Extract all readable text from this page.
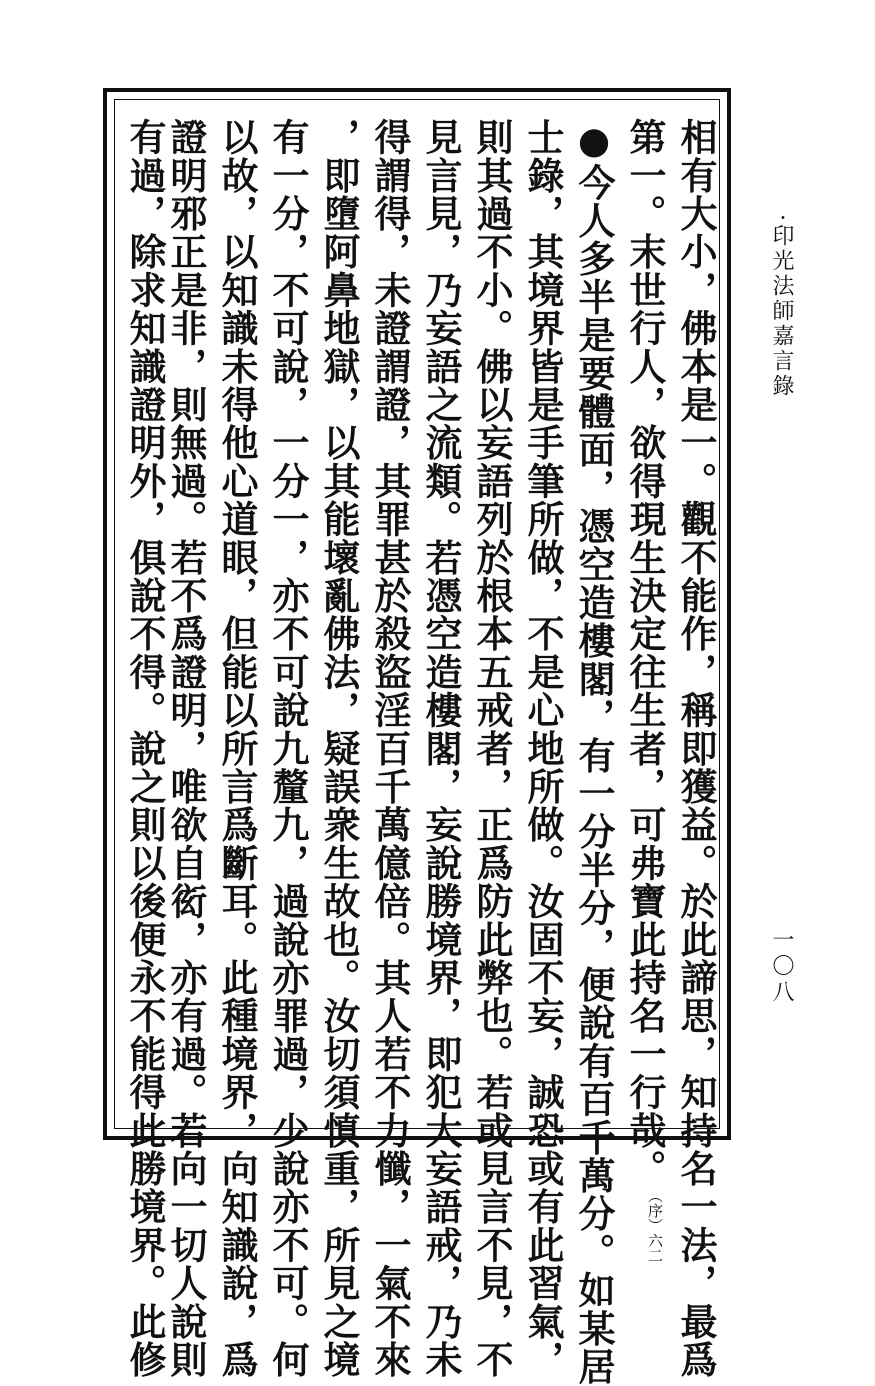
·印光法師嘉言錄
一〇八
相有大小，佛本是一。觀不能作，稱即獲益。於此諦思，知持名一法，最爲
第一。末世行人，欲得現生決定往生者，可弗寶此持名一行哉。（序）六二
●今人多半是要體面，憑空造樓閣，有一分半分，便說有百千萬分。如某居
士錄，其境界皆是手筆所做，不是心地所做。汝固不妄，誠恐或有此習氣，
則其過不小。佛以妄語列於根本五戒者，正爲防此弊也。若或見言不見，不
見言見，乃妄語之流類。若憑空造樓閣，妄說勝境界，即犯大妄語戒，乃未
得謂得，未證謂證，其罪甚於殺盜淫百千萬億倍。其人若不力懺，一氣不來
，即墮阿鼻地獄，以其能壞亂佛法，疑誤衆生故也。汝切須慎重，所見之境
有一分，不可說，一分一，亦不可說九釐九，過說亦罪過，少說亦不可。何
以故，以知識未得他心道眼，但能以所言爲斷耳。此種境界，向知識說，爲
證明邪正是非，則無過。若不爲證明，唯欲自衒，亦有過。若向一切人說則
有過，除求知識證明外，俱說不得。說之則以後便永不能得此勝境界。此修
